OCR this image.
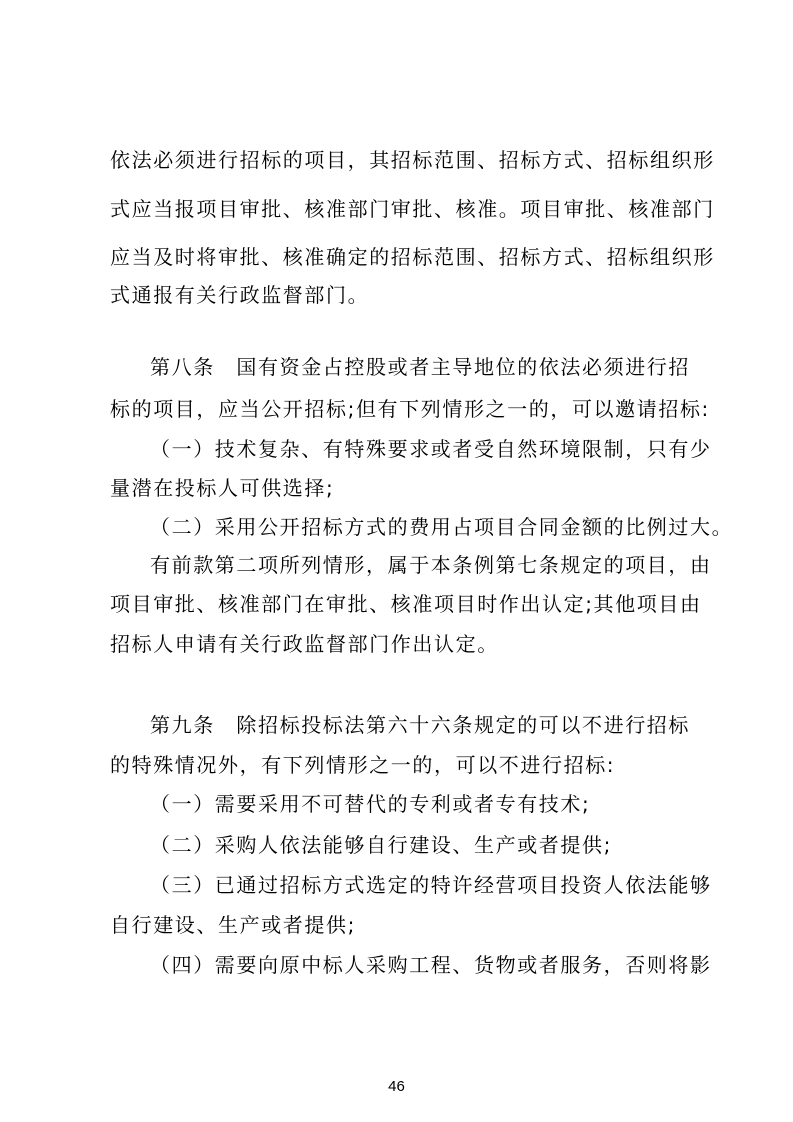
依法必须进行招标的项目，其招标范围、招标方式、招标组织形
式应当报项目审批、核准部门审批、核准。项目审批、核准部门
应当及时将审批、核准确定的招标范围、招标方式、招标组织形
式通报有关行政监督部门。
第八条　国有资金占控股或者主导地位的依法必须进行招
标的项目，应当公开招标;但有下列情形之一的，可以邀请招标:
（一）技术复杂、有特殊要求或者受自然环境限制，只有少
量潜在投标人可供选择;
（二）采用公开招标方式的费用占项目合同金额的比例过大。
有前款第二项所列情形，属于本条例第七条规定的项目，由
项目审批、核准部门在审批、核准项目时作出认定;其他项目由
招标人申请有关行政监督部门作出认定。
第九条　除招标投标法第六十六条规定的可以不进行招标
的特殊情况外，有下列情形之一的，可以不进行招标:
（一）需要采用不可替代的专利或者专有技术;
（二）采购人依法能够自行建设、生产或者提供;
（三）已通过招标方式选定的特许经营项目投资人依法能够
自行建设、生产或者提供;
（四）需要向原中标人采购工程、货物或者服务，否则将影
46
